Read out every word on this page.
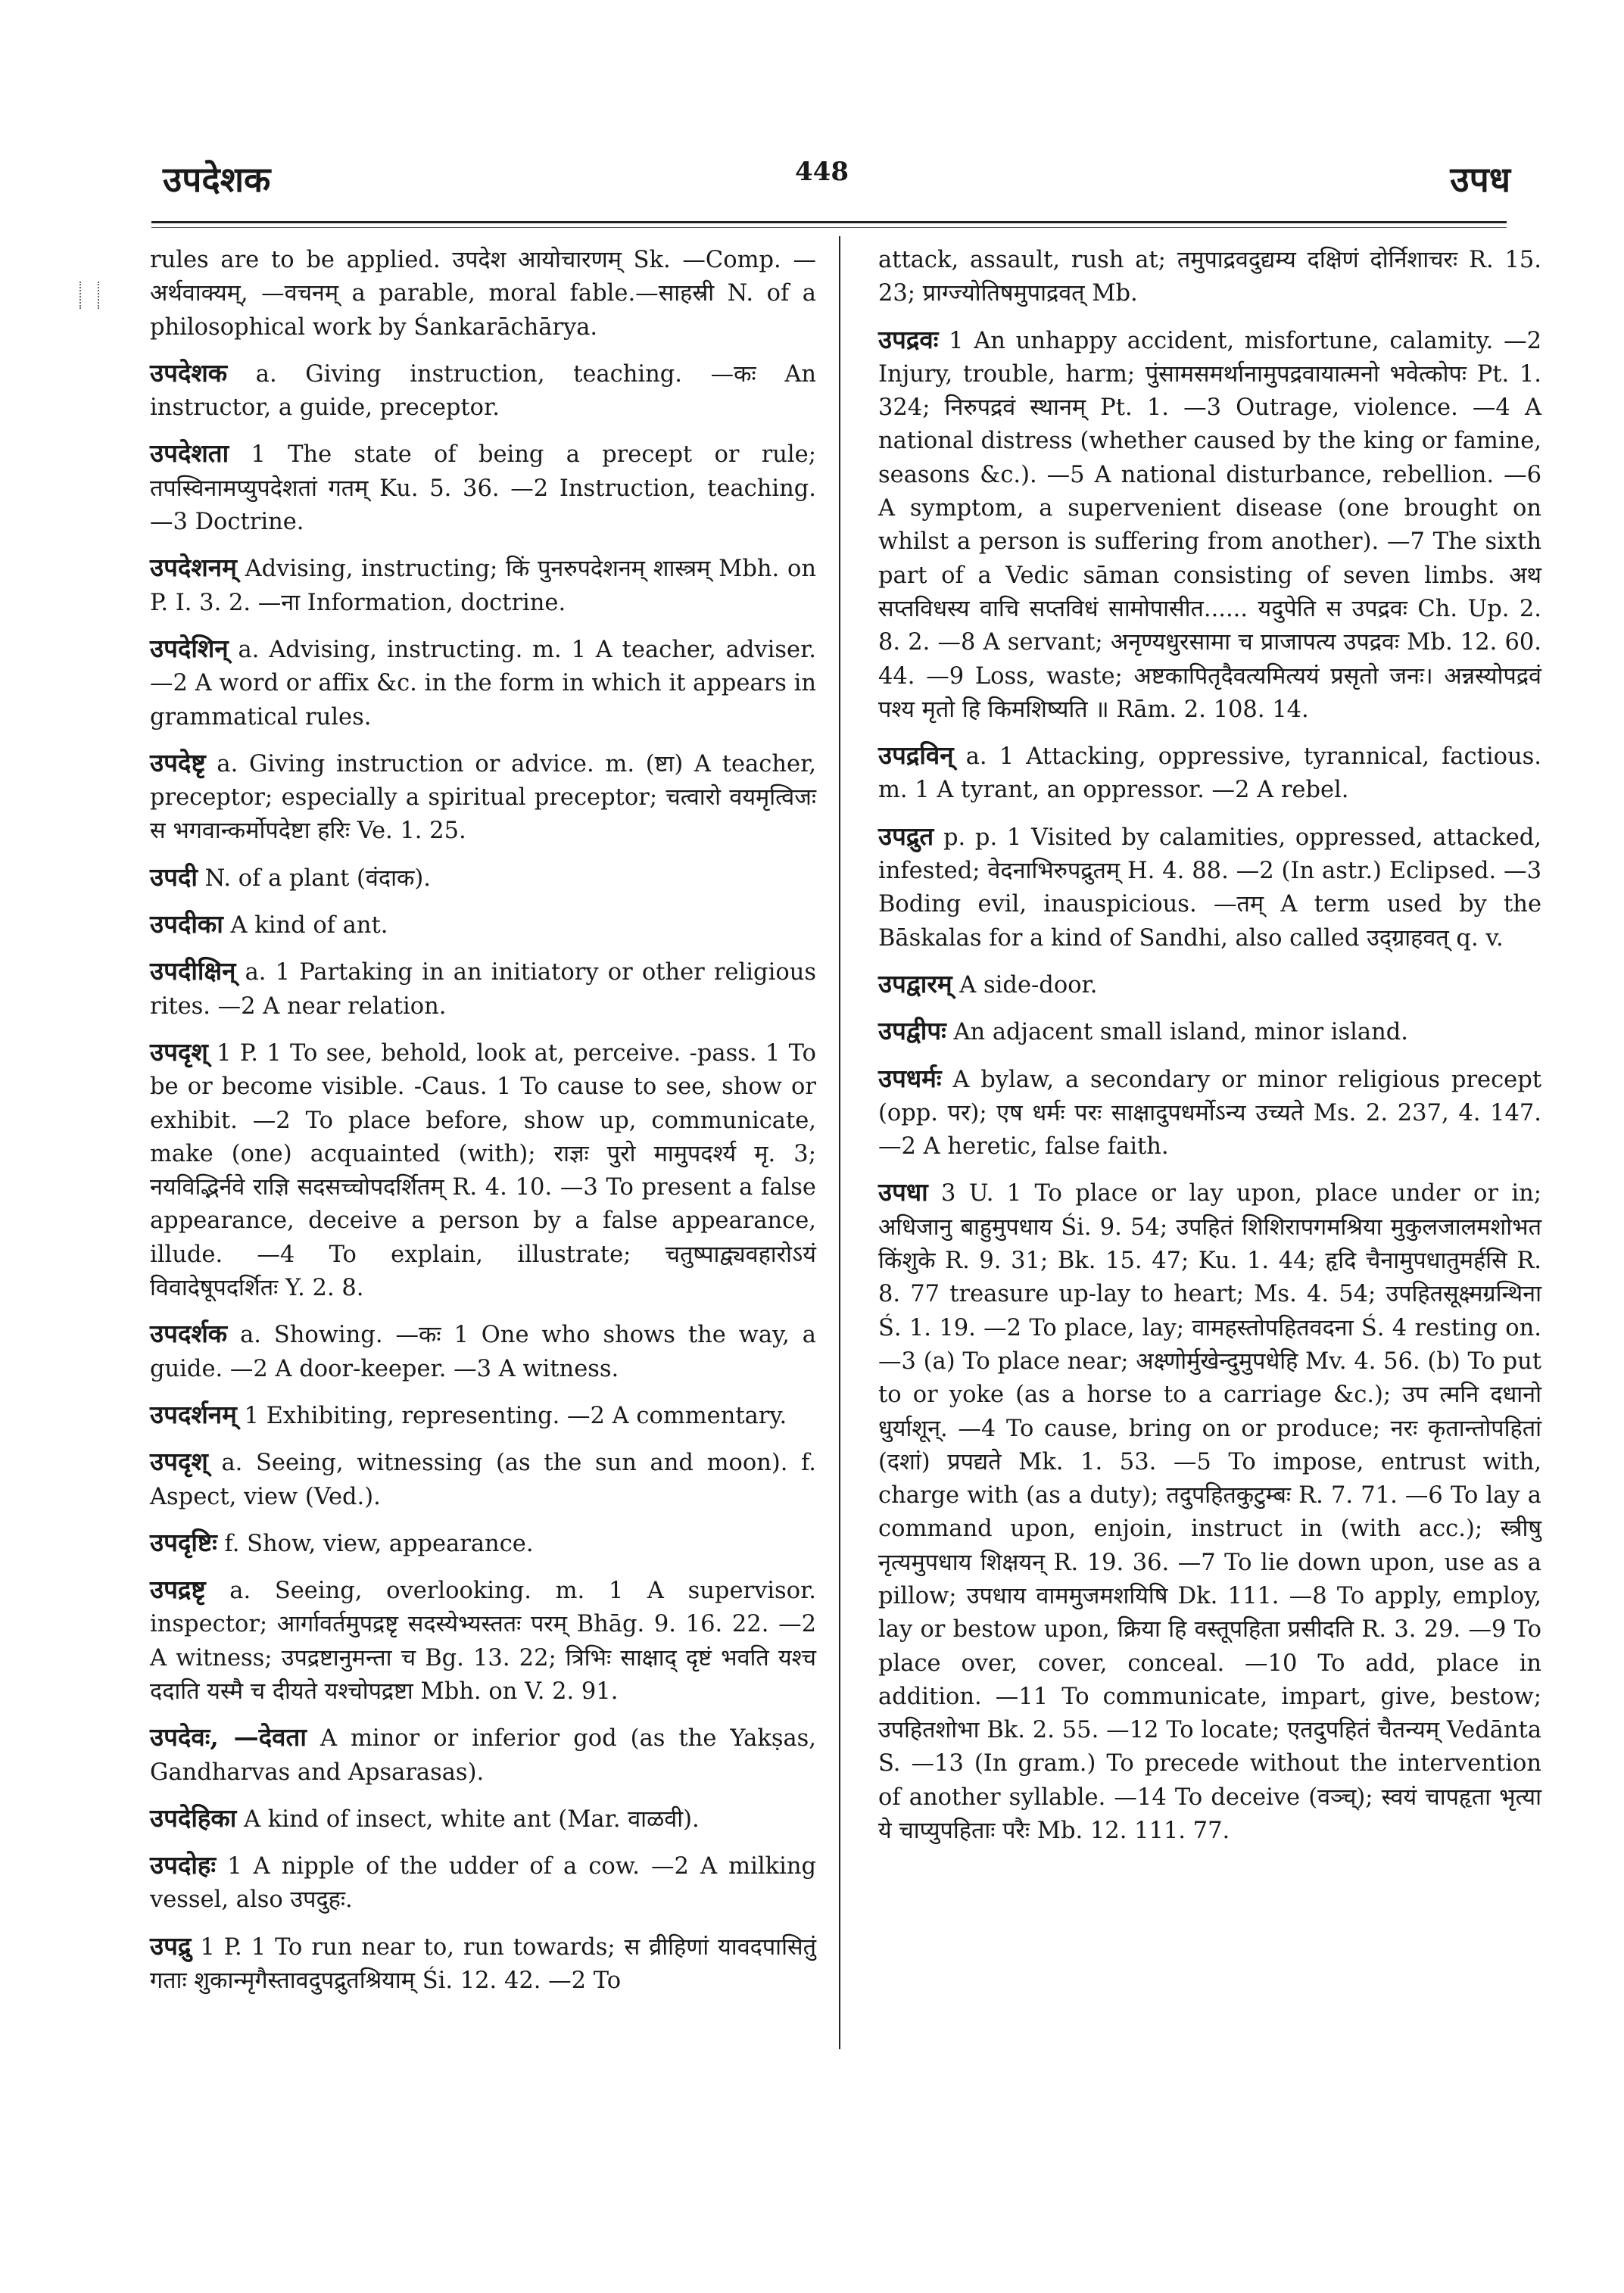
उपदेशक	448	उपध

rules are to be applied. उपदेश आयोचारणम् Sk. —Comp. —अर्थवाक्यम्, —वचनम् a parable, moral fable.—साहस्री N. of a philosophical work by Śankarāchārya.

उपदेशक a. Giving instruction, teaching. —कः An instructor, a guide, preceptor.

उपदेशता 1 The state of being a precept or rule; तपस्विनामप्युपदेशतां गतम् Ku. 5. 36. —2 Instruction, teaching. —3 Doctrine.

उपदेशनम् Advising, instructing; किं पुनरुपदेशनम् शास्त्रम् Mbh. on P. I. 3. 2. —ना Information, doctrine.

उपदेशिन् a. Advising, instructing. m. 1 A teacher, adviser. —2 A word or affix &c. in the form in which it appears in grammatical rules.

उपदेष्टृ a. Giving instruction or advice. m. (ष्टा) A teacher, preceptor; especially a spiritual preceptor; चत्वारो वयमृत्विजः स भगवान्कर्मोपदेष्टा हरिः Ve. 1. 25.

उपदी N. of a plant (वंदाक).

उपदीका A kind of ant.

उपदीक्षिन् a. 1 Partaking in an initiatory or other religious rites. —2 A near relation.

उपदृश् 1 P. 1 To see, behold, look at, perceive. -pass. 1 To be or become visible. -Caus. 1 To cause to see, show or exhibit. —2 To place before, show up, communicate, make (one) acquainted (with); राज्ञः पुरो मामुपदर्श्य मृ. 3; नयविद्भिर्नवे राज्ञि सदसच्चोपदर्शितम् R. 4. 10. —3 To present a false appearance, deceive a person by a false appearance, illude. —4 To explain, illustrate; चतुष्पाद्व्यवहारोऽयं विवादेषूपदर्शितः Y. 2. 8.

उपदर्शक a. Showing. —कः 1 One who shows the way, a guide. —2 A door-keeper. —3 A witness.

उपदर्शनम् 1 Exhibiting, representing. —2 A commentary.

उपदृश् a. Seeing, witnessing (as the sun and moon). f. Aspect, view (Ved.).

उपदृष्टिः f. Show, view, appearance.

उपद्रष्टृ a. Seeing, overlooking. m. 1 A supervisor. inspector; आर्गावर्तमुपद्रष्टृ सदस्येभ्यस्ततः परम् Bhāg. 9. 16. 22. —2 A witness; उपद्रष्टानुमन्ता च Bg. 13. 22; त्रिभिः साक्षाद् दृष्टं भवति यश्च ददाति यस्मै च दीयते यश्चोपद्रष्टा Mbh. on V. 2. 91.

उपदेवः, —देवता A minor or inferior god (as the Yakṣas, Gandharvas and Apsarasas).

उपदेहिका A kind of insect, white ant (Mar. वाळवी).

उपदोहः 1 A nipple of the udder of a cow. —2 A milking vessel, also उपदुहः.

उपद्रु 1 P. 1 To run near to, run towards; स व्रीहिणां यावदपासितुं गताः शुकान्मृगैस्तावदुपद्रुतश्रियाम् Śi. 12. 42. —2 To

attack, assault, rush at; तमुपाद्रवदुद्यम्य दक्षिणं दोर्निशाचरः R. 15. 23; प्राग्ज्योतिषमुपाद्रवत् Mb.

उपद्रवः 1 An unhappy accident, misfortune, calamity. —2 Injury, trouble, harm; पुंसामसमर्थानामुपद्रवायात्मनो भवेत्कोपः Pt. 1. 324; निरुपद्रवं स्थानम् Pt. 1. —3 Outrage, violence. —4 A national distress (whether caused by the king or famine, seasons &c.). —5 A national disturbance, rebellion. —6 A symptom, a supervenient disease (one brought on whilst a person is suffering from another). —7 The sixth part of a Vedic sāman consisting of seven limbs. अथ सप्तविधस्य वाचि सप्तविधं सामोपासीत...... यदुपेति स उपद्रवः Ch. Up. 2. 8. 2. —8 A servant; अनृण्यधुरसामा च प्राजापत्य उपद्रवः Mb. 12. 60. 44. —9 Loss, waste; अष्टकापितृदैवत्यमित्ययं प्रसृतो जनः। अन्नस्योपद्रवं पश्य मृतो हि किमशिष्यति ॥ Rām. 2. 108. 14.

उपद्रविन् a. 1 Attacking, oppressive, tyrannical, factious. m. 1 A tyrant, an oppressor. —2 A rebel.

उपद्रुत p. p. 1 Visited by calamities, oppressed, attacked, infested; वेदनाभिरुपद्रुतम् H. 4. 88. —2 (In astr.) Eclipsed. —3 Boding evil, inauspicious. —तम् A term used by the Bāskalas for a kind of Sandhi, also called उद्ग्राहवत् q. v.

उपद्वारम् A side-door.

उपद्वीपः An adjacent small island, minor island.

उपधर्मः A bylaw, a secondary or minor religious precept (opp. पर); एष धर्मः परः साक्षादुपधर्मोऽन्य उच्यते Ms. 2. 237, 4. 147. —2 A heretic, false faith.

उपधा 3 U. 1 To place or lay upon, place under or in; अधिजानु बाहुमुपधाय Śi. 9. 54; उपहितं शिशिरापगमश्रिया मुकुलजालमशोभत किंशुके R. 9. 31; Bk. 15. 47; Ku. 1. 44; हृदि चैनामुपधातुमर्हसि R. 8. 77 treasure up-lay to heart; Ms. 4. 54; उपहितसूक्ष्मग्रन्थिना Ś. 1. 19. —2 To place, lay; वामहस्तोपहितवदना Ś. 4 resting on. —3 (a) To place near; अक्ष्णोर्मुखेन्दुमुपधेहि Mv. 4. 56. (b) To put to or yoke (as a horse to a carriage &c.); उप त्मनि दधानो धुर्याशून्. —4 To cause, bring on or produce; नरः कृतान्तोपहितां (दशां) प्रपद्यते Mk. 1. 53. —5 To impose, entrust with, charge with (as a duty); तदुपहितकुटुम्बः R. 7. 71. —6 To lay a command upon, enjoin, instruct in (with acc.); स्त्रीषु नृत्यमुपधाय शिक्षयन् R. 19. 36. —7 To lie down upon, use as a pillow; उपधाय वाममुजमशयिषि Dk. 111. —8 To apply, employ, lay or bestow upon, क्रिया हि वस्तूपहिता प्रसीदति R. 3. 29. —9 To place over, cover, conceal. —10 To add, place in addition. —11 To communicate, impart, give, bestow; उपहितशोभा Bk. 2. 55. —12 To locate; एतदुपहितं चैतन्यम् Vedānta S. —13 (In gram.) To precede without the intervention of another syllable. —14 To deceive (वञ्च्); स्वयं चापहृता भृत्या ये चाप्युपहिताः परैः Mb. 12. 111. 77.
